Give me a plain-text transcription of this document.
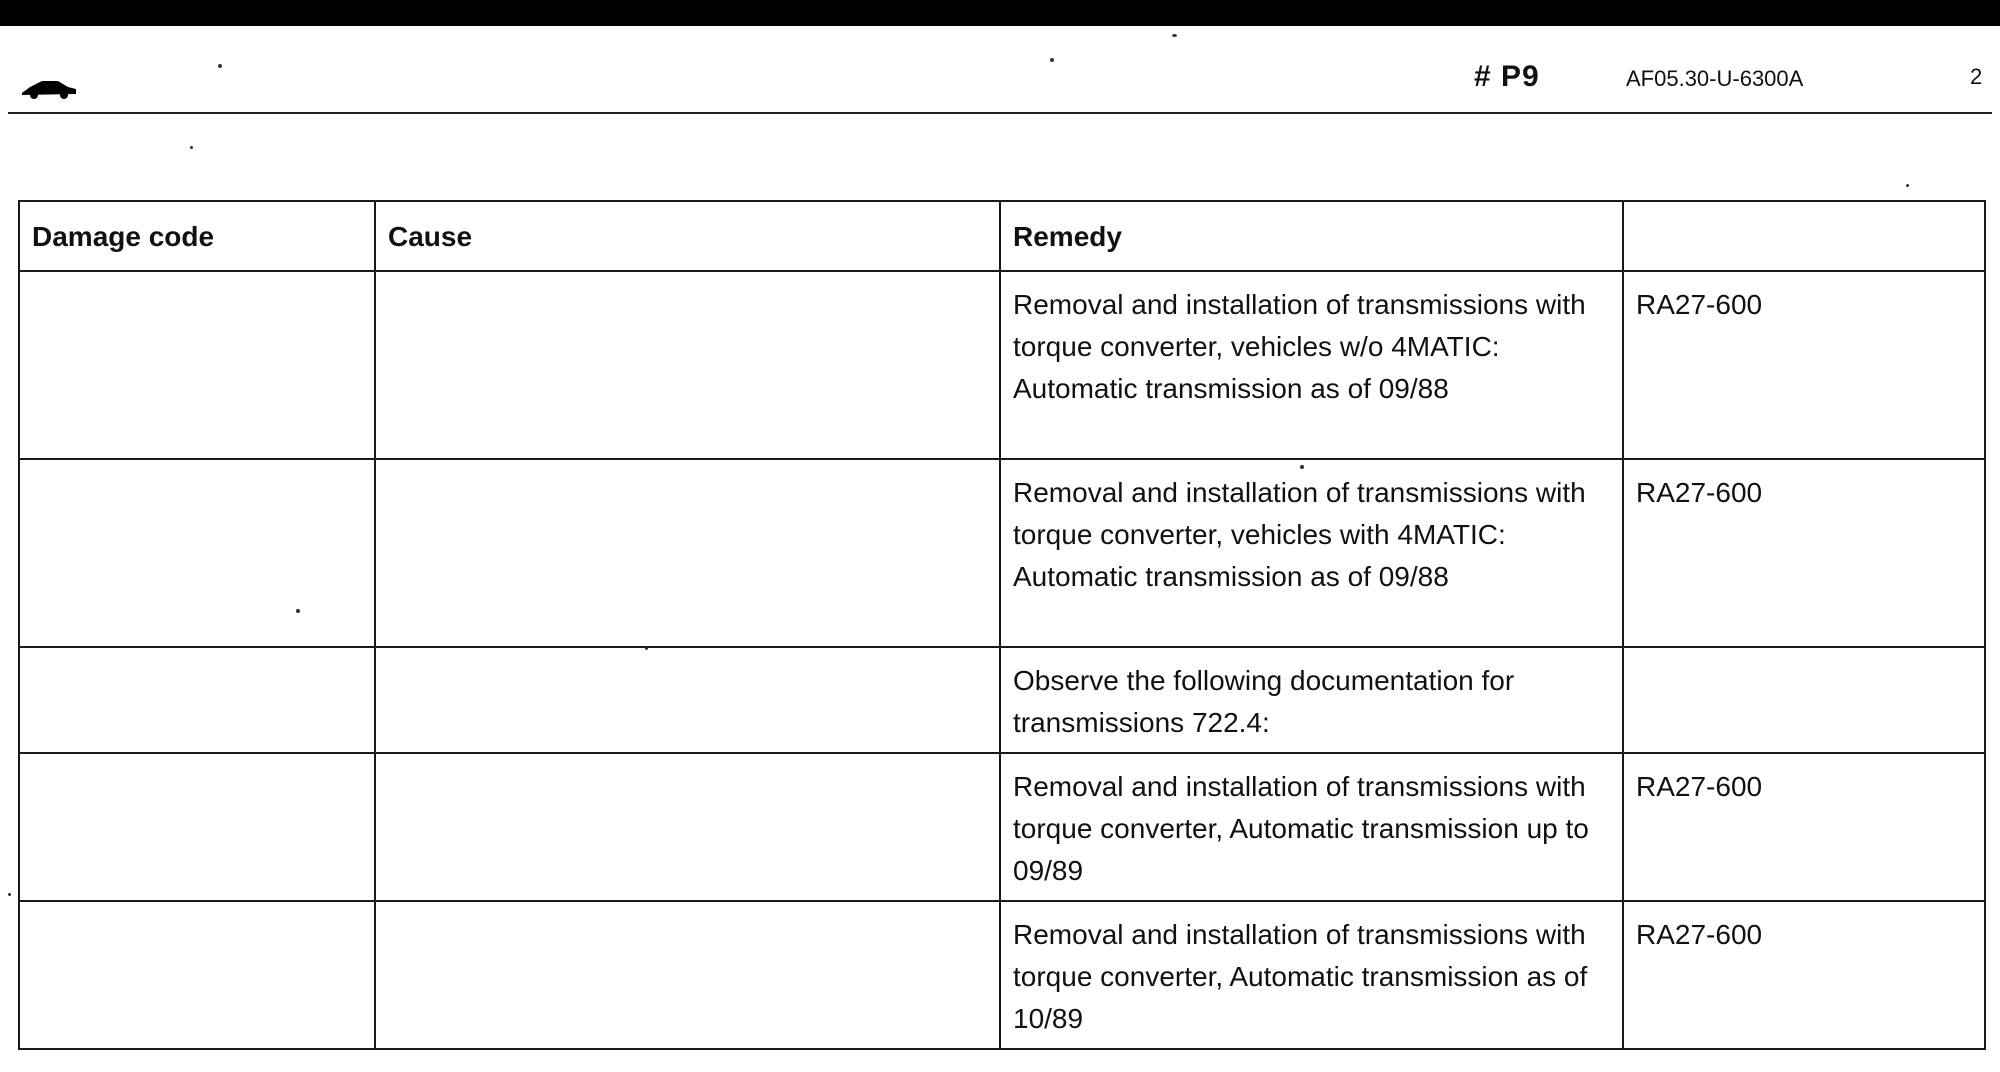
# P9	AF05.30-U-6300A	2
Damage code	Cause	Remedy	
		Removal and installation of transmissions with torque converter, vehicles w/o 4MATIC: Automatic transmission as of 09/88	RA27-600
		Removal and installation of transmissions with torque converter, vehicles with 4MATIC: Automatic transmission as of 09/88	RA27-600
		Observe the following documentation for transmissions 722.4:	
		Removal and installation of transmissions with torque converter, Automatic transmission up to 09/89	RA27-600
		Removal and installation of transmissions with torque converter, Automatic transmission as of 10/89	RA27-600
